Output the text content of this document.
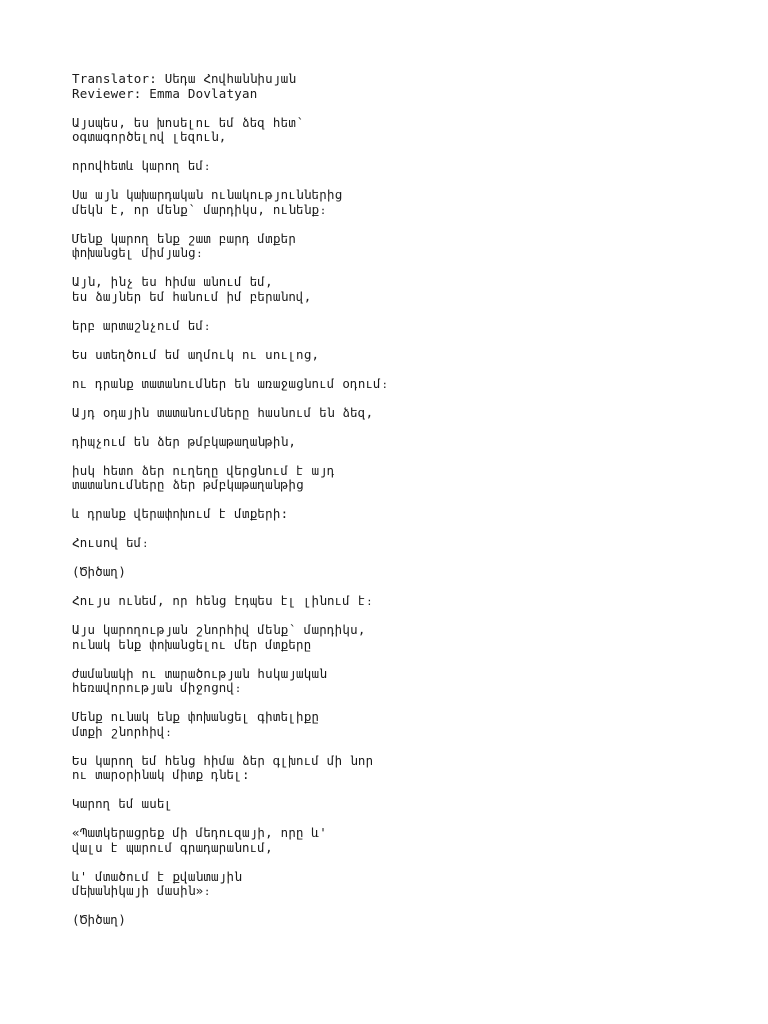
Translator: Սեդա Հովհաննիսյան
Reviewer: Emma Dovlatyan
Այսպես, ես խոսելու եմ ձեզ հետ՝
օգտագործելով լեզուն,
որովհետև կարող եմ։
Սա այն կախարդական ունակություններից
մեկն է, որ մենք՝ մարդիկս, ունենք։
Մենք կարող ենք շատ բարդ մտքեր
փոխանցել միմյանց։
Այն, ինչ ես հիմա անում եմ,
ես ձայներ եմ հանում իմ բերանով,
երբ արտաշնչում եմ։
Ես ստեղծում եմ աղմուկ ու սուլոց,
ու դրանք տատանումներ են առաջացնում օդում։
Այդ օդային տատանումները հասնում են ձեզ,
դիպչում են ձեր թմբկաթաղանթին,
իսկ հետո ձեր ուղեղը վերցնում է այդ
տատանումները ձեր թմբկաթաղանթից
և դրանք վերափոխում է մտքերի:
Հուսով եմ։
(Ծիծաղ)
Հույս ունեմ, որ հենց էդպես էլ լինում է։
Այս կարողության շնորհիվ մենք՝ մարդիկս,
ունակ ենք փոխանցելու մեր մտքերը
ժամանակի ու տարածության հսկայական
հեռավորության միջոցով։
Մենք ունակ ենք փոխանցել գիտելիքը
մտքի շնորհիվ։
Ես կարող եմ հենց հիմա ձեր գլխում մի նոր
ու տարօրինակ միտք դնել:
Կարող եմ ասել
«Պատկերացրեք մի մեդուզայի, որը և'
վալս է պարում գրադարանում,
և' մտածում է քվանտային
մեխանիկայի մասին»։
(Ծիծաղ)
